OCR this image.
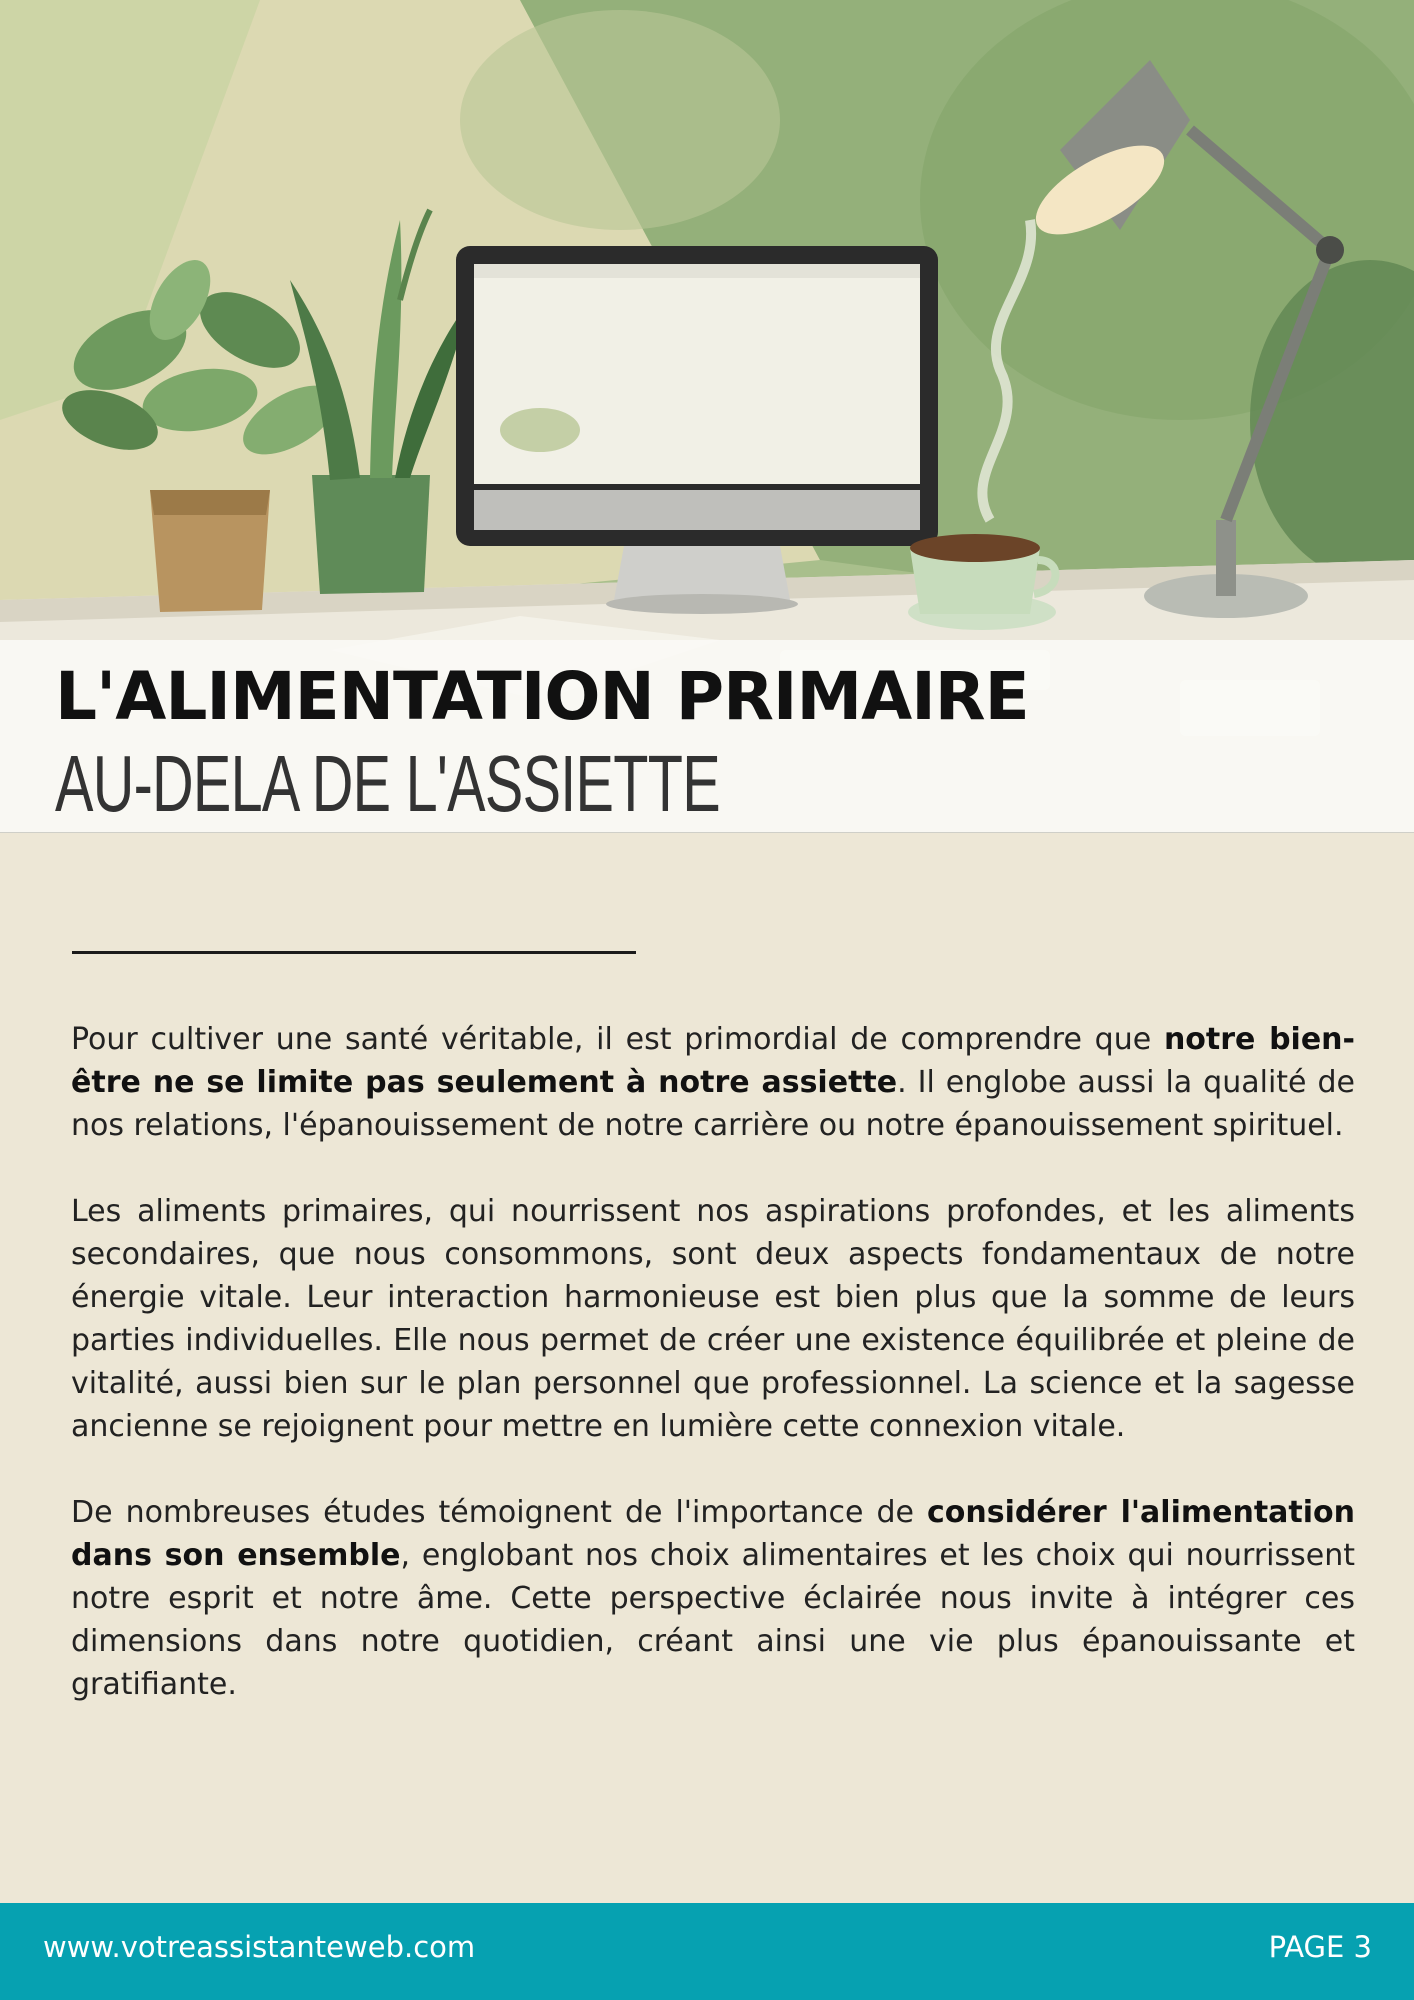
L'ALIMENTATION PRIMAIRE
AU-DELA DE L'ASSIETTE

Pour cultiver une santé véritable, il est primordial de comprendre que notre bien-être ne se limite pas seulement à notre assiette. Il englobe aussi la qualité de nos relations, l'épanouissement de notre carrière ou notre épanouissement spirituel.

Les aliments primaires, qui nourrissent nos aspirations profondes, et les aliments secondaires, que nous consommons, sont deux aspects fondamentaux de notre énergie vitale. Leur interaction harmonieuse est bien plus que la somme de leurs parties individuelles. Elle nous permet de créer une existence équilibrée et pleine de vitalité, aussi bien sur le plan personnel que professionnel. La science et la sagesse ancienne se rejoignent pour mettre en lumière cette connexion vitale.

De nombreuses études témoignent de l'importance de considérer l'alimentation dans son ensemble, englobant nos choix alimentaires et les choix qui nourrissent notre esprit et notre âme. Cette perspective éclairée nous invite à intégrer ces dimensions dans notre quotidien, créant ainsi une vie plus épanouissante et gratifiante.

www.votreassistanteweb.com	PAGE 3
